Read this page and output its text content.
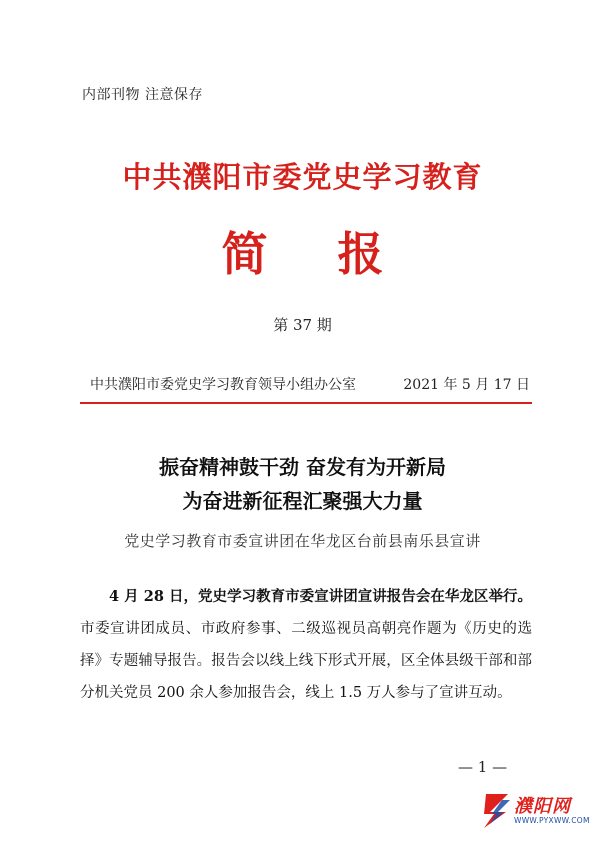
内部刊物 注意保存
中共濮阳市委党史学习教育
简报
第 37 期
中共濮阳市委党史学习教育领导小组办公室	2021 年 5 月 17 日
振奋精神鼓干劲 奋发有为开新局
为奋进新征程汇聚强大力量
党史学习教育市委宣讲团在华龙区台前县南乐县宣讲
4 月 28 日，党史学习教育市委宣讲团宣讲报告会在华龙区举行。市委宣讲团成员、市政府参事、二级巡视员高朝亮作题为《历史的选择》专题辅导报告。报告会以线上线下形式开展，区全体县级干部和部分机关党员 200 余人参加报告会，线上 1.5 万人参与了宣讲互动。
— 1 —
濮阳网
WWW.PYXWW.COM
